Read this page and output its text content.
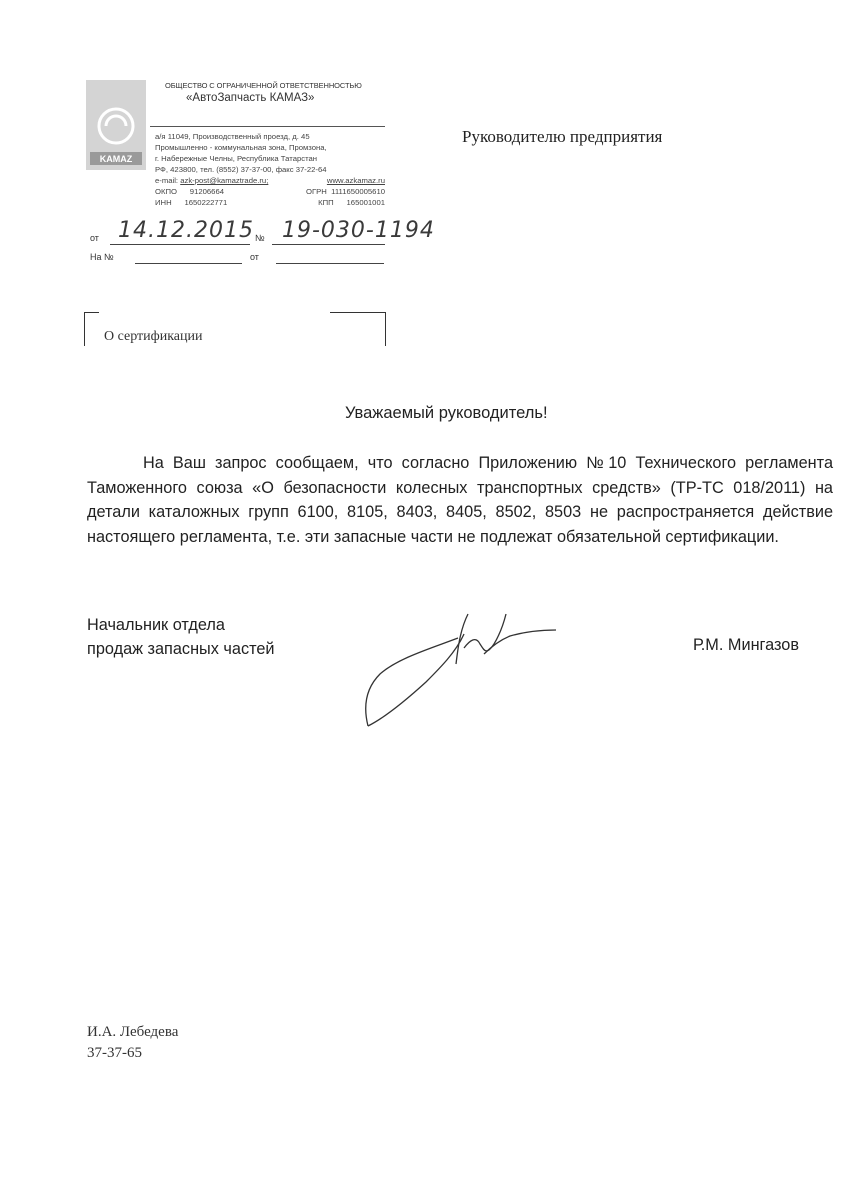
KAMAZ
ОБЩЕСТВО С ОГРАНИЧЕННОЙ ОТВЕТСТВЕННОСТЬЮ
«АвтоЗапчасть КАМАЗ»
а/я 11049, Производственный проезд, д. 45
Промышленно - коммунальная зона, Промзона,
г. Набережные Челны, Республика Татарстан
РФ, 423800, тел. (8552) 37-37-00, факс 37-22-64
e-mail: azk-post@kamaztrade.ru;	www.azkamaz.ru
ОКПО 91206664	ОГРН 1111650005610
ИНН 1650222771	КПП 165001001
от 14.12.2015 № 19-030-1194
На №	от
Руководителю предприятия
О сертификации
Уважаемый руководитель!
На Ваш запрос сообщаем, что согласно Приложению №10 Технического регламента Таможенного союза «О безопасности колесных транспортных средств» (ТР-ТС 018/2011) на детали каталожных групп 6100, 8105, 8403, 8405, 8502, 8503 не распространяется действие настоящего регламента, т.е. эти запасные части не подлежат обязательной сертификации.
Начальник отдела
продаж запасных частей	Р.М. Мингазов
И.А. Лебедева
37-37-65
